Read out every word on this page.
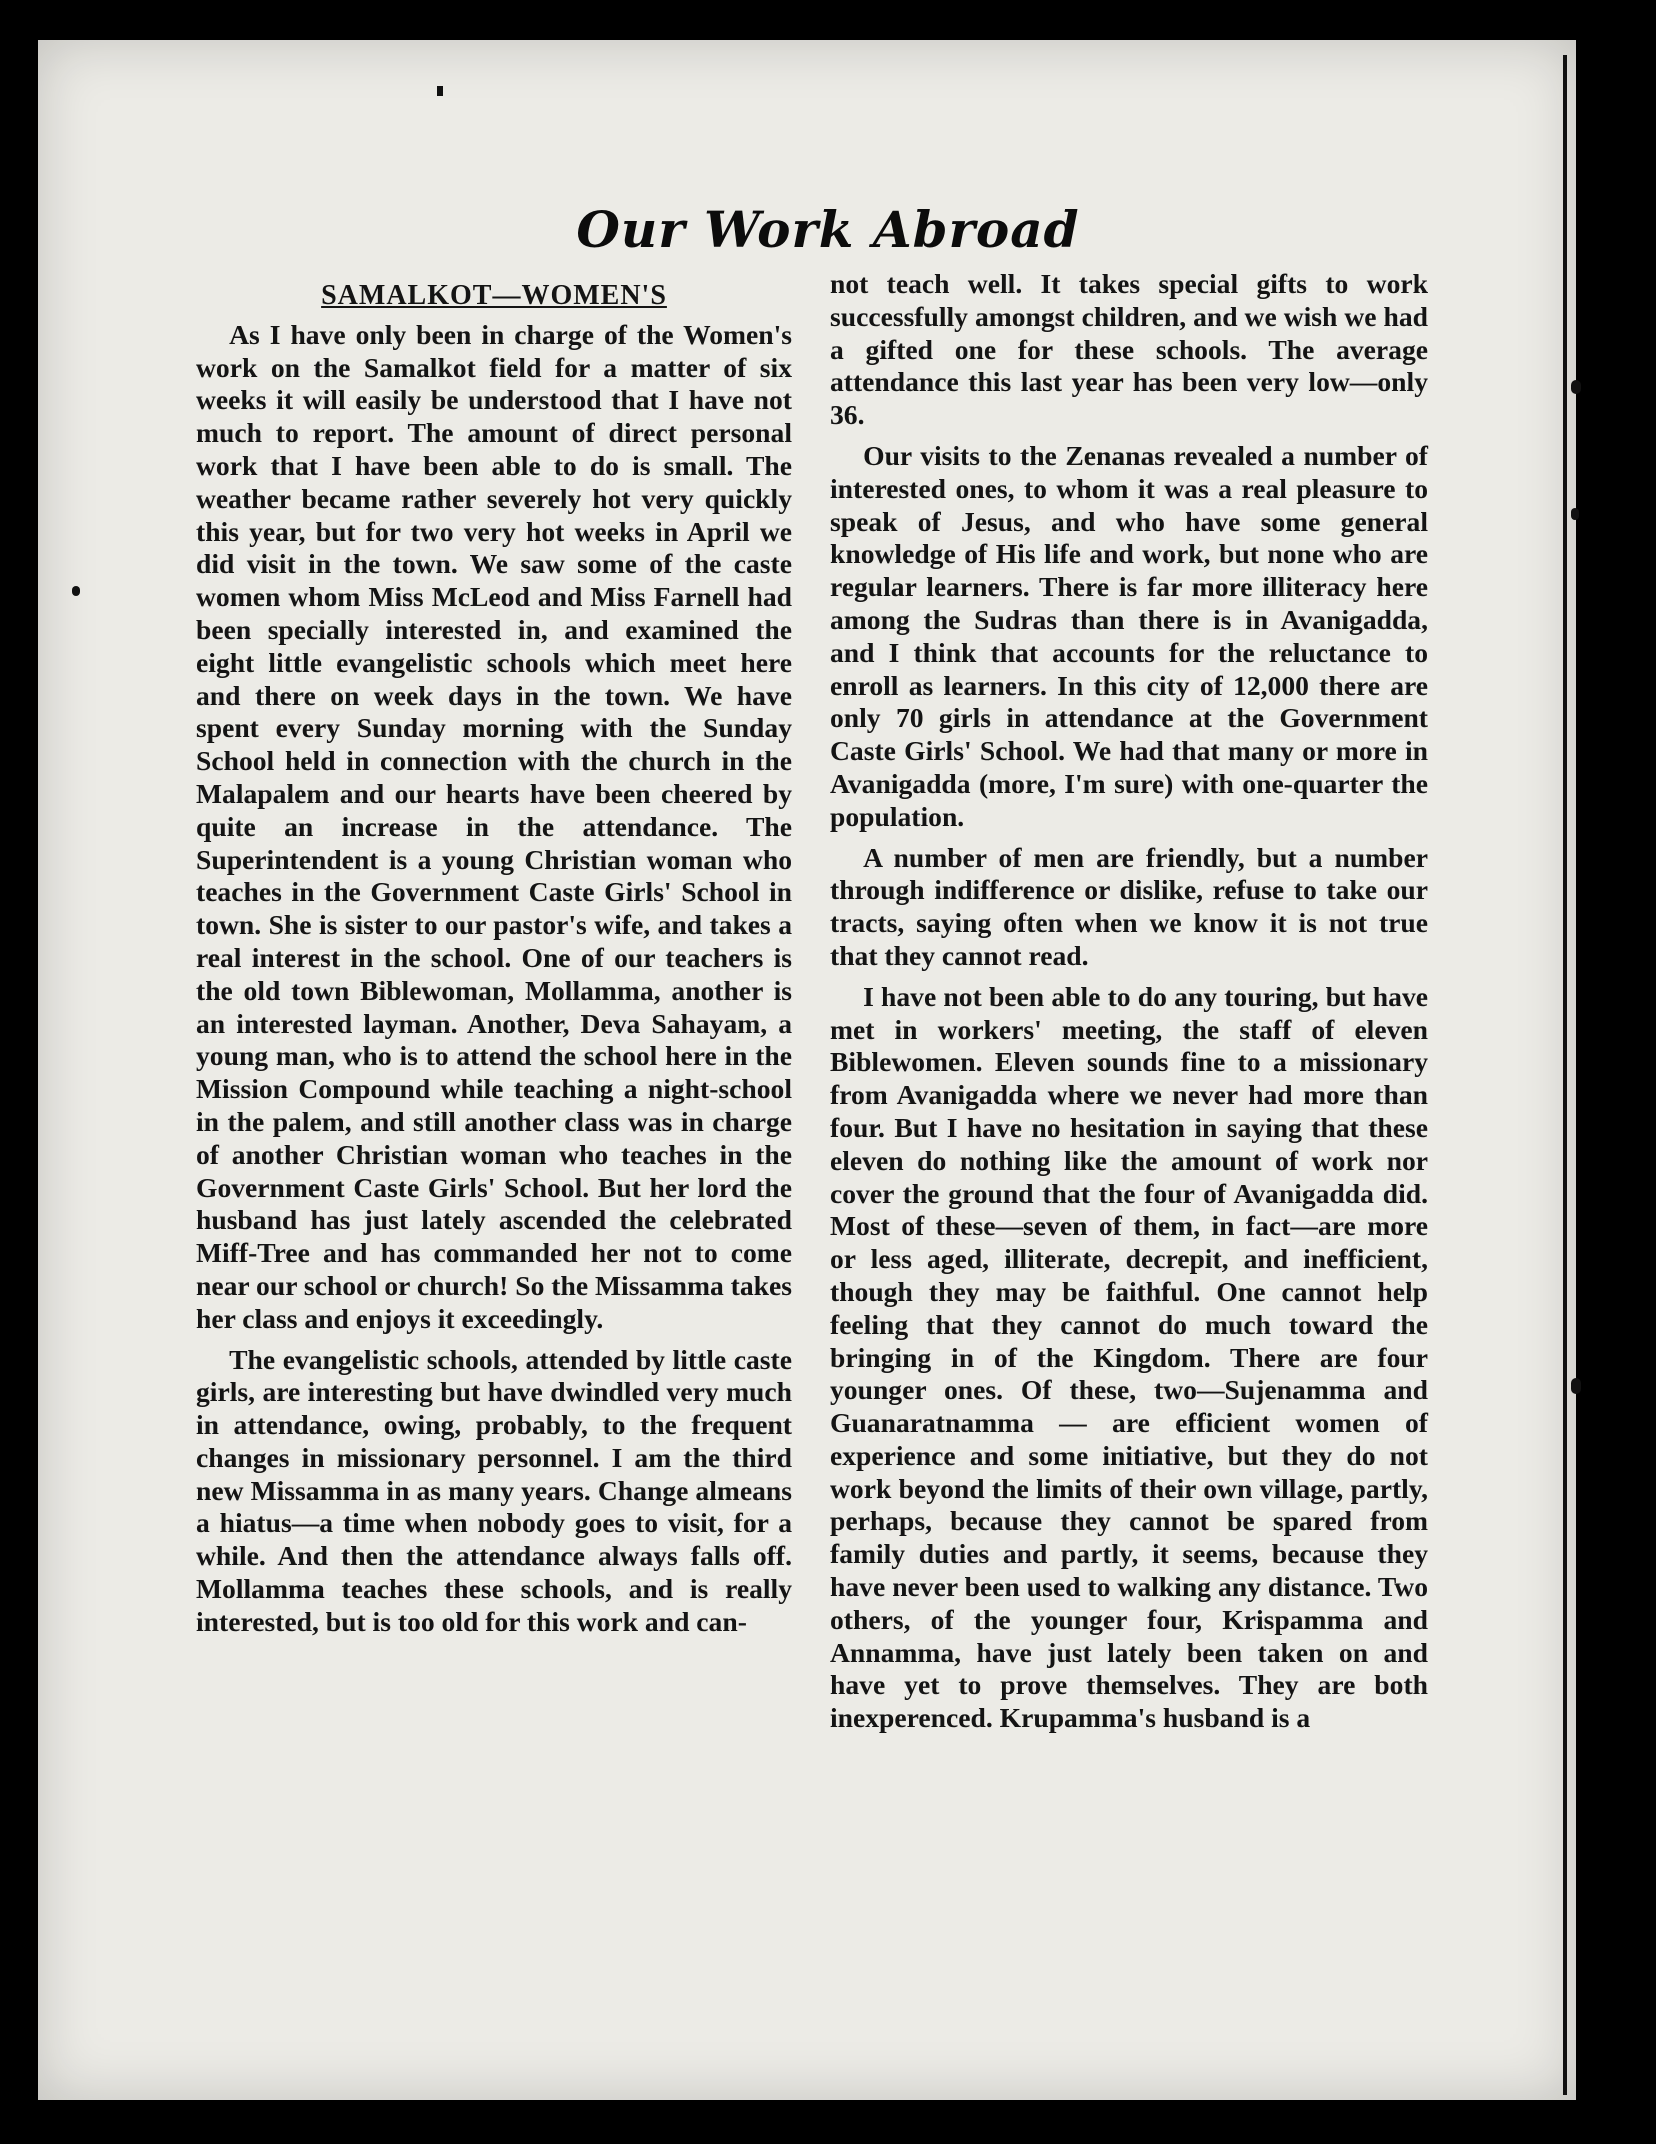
Our Work Abroad
SAMALKOT—WOMEN'S

As I have only been in charge of the Women's work on the Samalkot field for a matter of six weeks it will easily be understood that I have not much to report. The amount of direct personal work that I have been able to do is small. The weather became rather severely hot very quickly this year, but for two very hot weeks in April we did visit in the town. We saw some of the caste women whom Miss McLeod and Miss Farnell had been specially interested in, and examined the eight little evangelistic schools which meet here and there on week days in the town. We have spent every Sunday morning with the Sunday School held in connection with the church in the Malapalem and our hearts have been cheered by quite an increase in the attendance. The Superintendent is a young Christian woman who teaches in the Government Caste Girls' School in town. She is sister to our pastor's wife, and takes a real interest in the school. One of our teachers is the old town Biblewoman, Mollamma, another is an interested layman. Another, Deva Sahayam, a young man, who is to attend the school here in the Mission Compound while teaching a night-school in the palem, and still another class was in charge of another Christian woman who teaches in the Government Caste Girls' School. But her lord the husband has just lately ascended the celebrated Miff-Tree and has commanded her not to come near our school or church! So the Missamma takes her class and enjoys it exceedingly.

The evangelistic schools, attended by little caste girls, are interesting but have dwindled very much in attendance, owing, probably, to the frequent changes in missionary personnel. I am the third new Missamma in as many years. Change almeans a hiatus—a time when nobody goes to visit, for a while. And then the attendance always falls off. Mollamma teaches these schools, and is really interested, but is too old for this work and can-

not teach well. It takes special gifts to work successfully amongst children, and we wish we had a gifted one for these schools. The average attendance this last year has been very low—only 36.

Our visits to the Zenanas revealed a number of interested ones, to whom it was a real pleasure to speak of Jesus, and who have some general knowledge of His life and work, but none who are regular learners. There is far more illiteracy here among the Sudras than there is in Avanigadda, and I think that accounts for the reluctance to enroll as learners. In this city of 12,000 there are only 70 girls in attendance at the Government Caste Girls' School. We had that many or more in Avanigadda (more, I'm sure) with one-quarter the population.

A number of men are friendly, but a number through indifference or dislike, refuse to take our tracts, saying often when we know it is not true that they cannot read.

I have not been able to do any touring, but have met in workers' meeting, the staff of eleven Biblewomen. Eleven sounds fine to a missionary from Avanigadda where we never had more than four. But I have no hesitation in saying that these eleven do nothing like the amount of work nor cover the ground that the four of Avanigadda did. Most of these—seven of them, in fact—are more or less aged, illiterate, decrepit, and inefficient, though they may be faithful. One cannot help feeling that they cannot do much toward the bringing in of the Kingdom. There are four younger ones. Of these, two—Sujenamma and Guanaratnamma — are efficient women of experience and some initiative, but they do not work beyond the limits of their own village, partly, perhaps, because they cannot be spared from family duties and partly, it seems, because they have never been used to walking any distance. Two others, of the younger four, Krispamma and Annamma, have just lately been taken on and have yet to prove themselves. They are both inexperenced. Krupamma's husband is a
